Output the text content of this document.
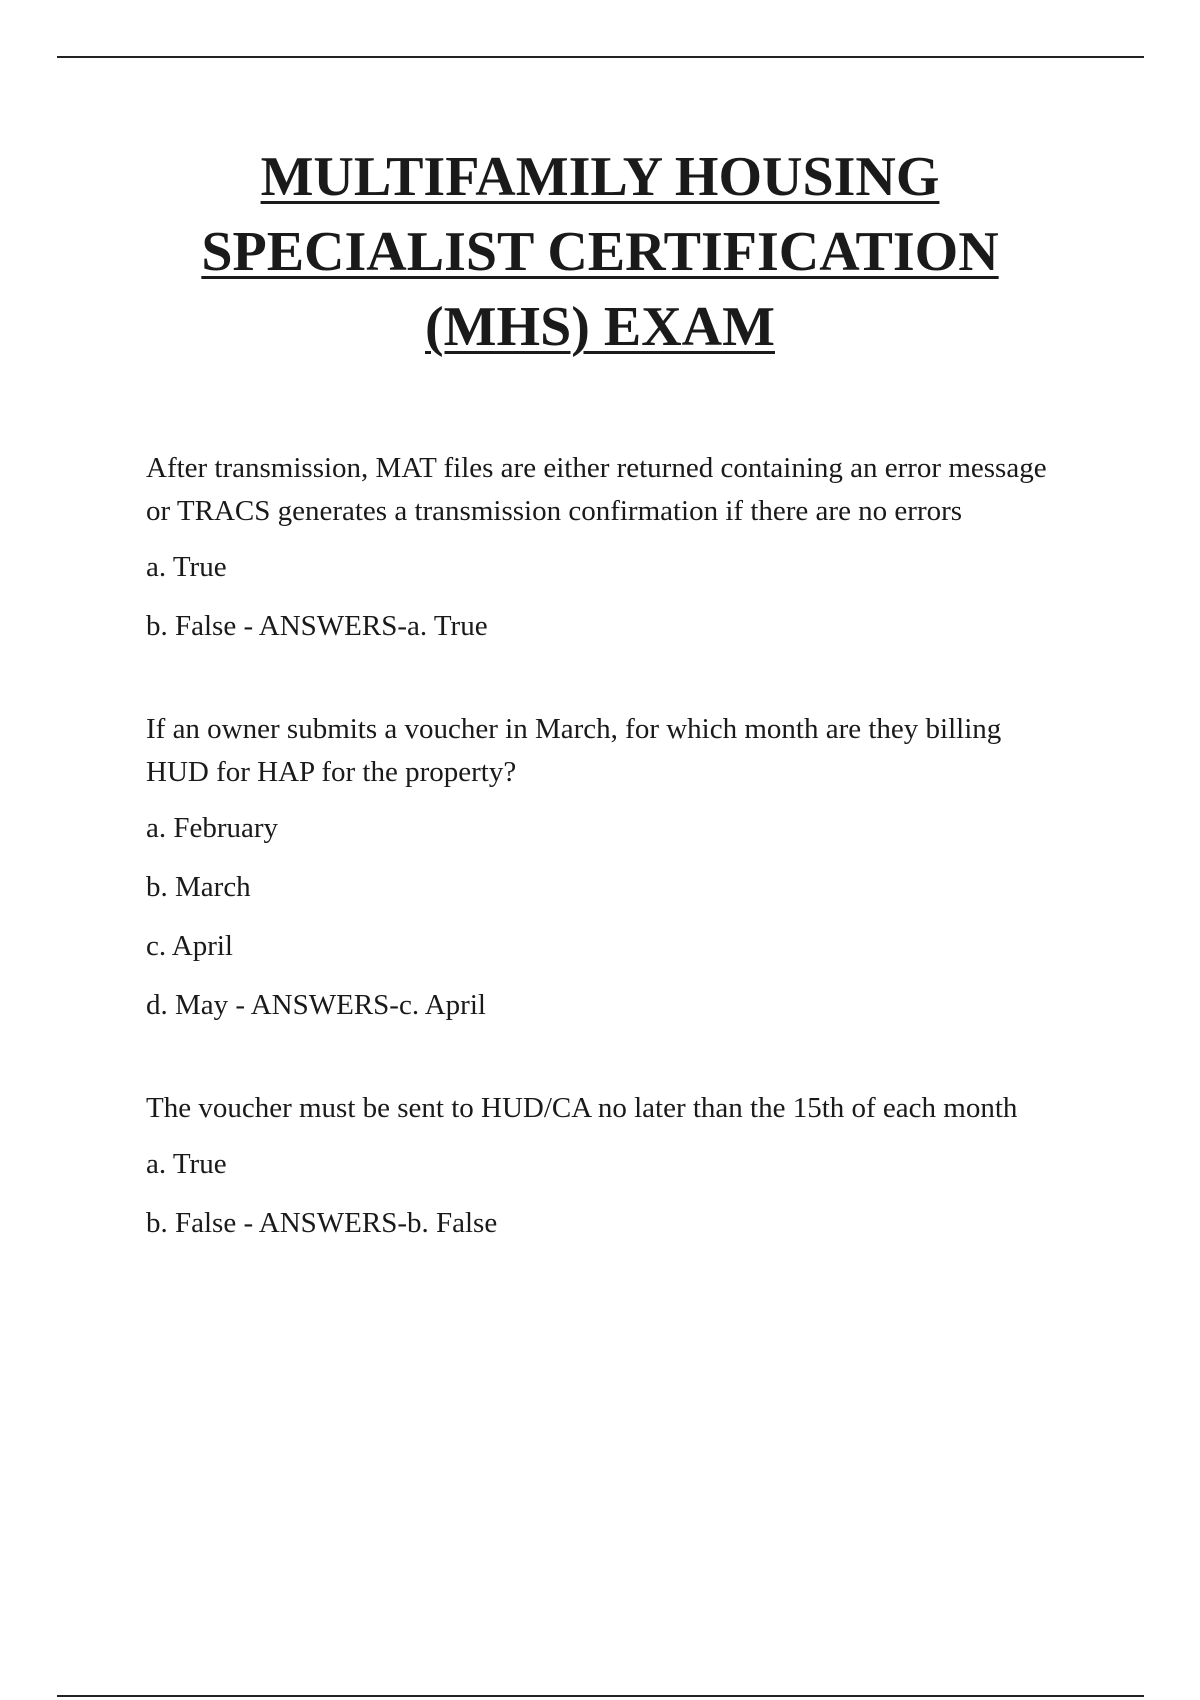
MULTIFAMILY HOUSING
SPECIALIST CERTIFICATION
(MHS) EXAM

After transmission, MAT files are either returned containing an error message or TRACS generates a transmission confirmation if there are no errors

a. True

b. False - ANSWERS-a. True

If an owner submits a voucher in March, for which month are they billing HUD for HAP for the property?

a. February

b. March

c. April

d. May - ANSWERS-c. April

The voucher must be sent to HUD/CA no later than the 15th of each month

a. True

b. False - ANSWERS-b. False
